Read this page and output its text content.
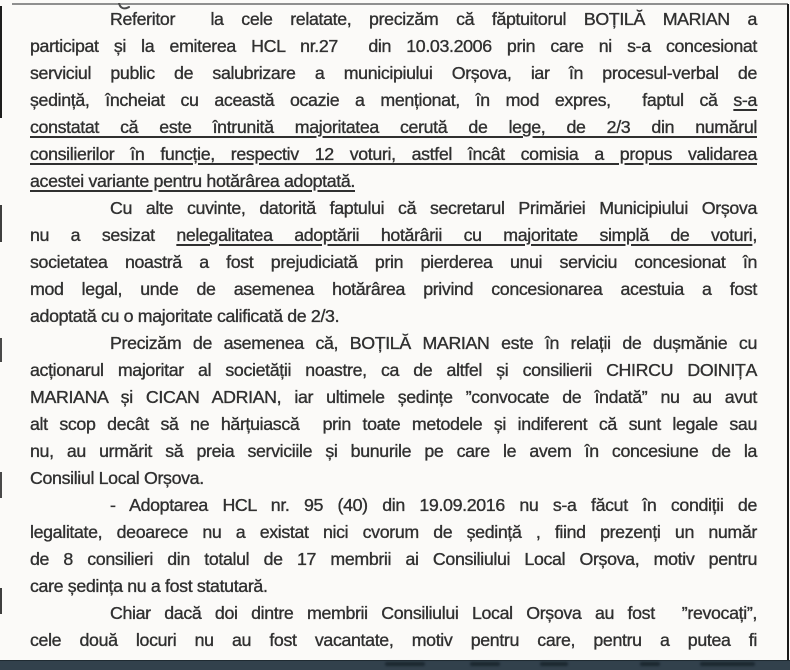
Referitor  la cele relatate, precizăm că făptuitorul BOȚILĂ MARIAN a
participat și la emiterea HCL nr.27  din 10.03.2006 prin care ni s-a concesionat
serviciul public de salubrizare a municipiului Orșova, iar în procesul-verbal de
ședință, încheiat cu această ocazie a menționat, în mod expres,  faptul că s-a
constatat că este întrunită majoritatea cerută de lege, de 2/3 din numărul
consilierilor în funcție, respectiv 12 voturi, astfel încât comisia a propus validarea
acestei variante pentru hotărârea adoptată.
Cu alte cuvinte, datorită faptului că secretarul Primăriei Municipiului Orșova
nu a sesizat nelegalitatea adoptării hotărârii cu majoritate simplă de voturi,
societatea noastră a fost prejudiciată prin pierderea unui serviciu concesionat în
mod legal, unde de asemenea hotărârea privind concesionarea acestuia a fost
adoptată cu o majoritate calificată de 2/3.
Precizăm de asemenea că, BOȚILĂ MARIAN este în relații de dușmănie cu
acționarul majoritar al societății noastre, ca de altfel și consilierii CHIRCU DOINIȚA
MARIANA și CICAN ADRIAN, iar ultimele ședințe ”convocate de îndată” nu au avut
alt scop decât să ne hărțuiască  prin toate metodele și indiferent că sunt legale sau
nu, au urmărit să preia serviciile și bunurile pe care le avem în concesiune de la
Consiliul Local Orșova.
- Adoptarea HCL nr. 95 (40) din 19.09.2016 nu s-a făcut în condiții de
legalitate, deoarece nu a existat nici cvorum de ședință , fiind prezenți un număr
de 8 consilieri din totalul de 17 membrii ai Consiliului Local Orșova, motiv pentru
care ședința nu a fost statutară.
Chiar dacă doi dintre membrii Consiliului Local Orșova au fost  ”revocați”,
cele două locuri nu au fost vacantate, motiv pentru care, pentru a putea fi
